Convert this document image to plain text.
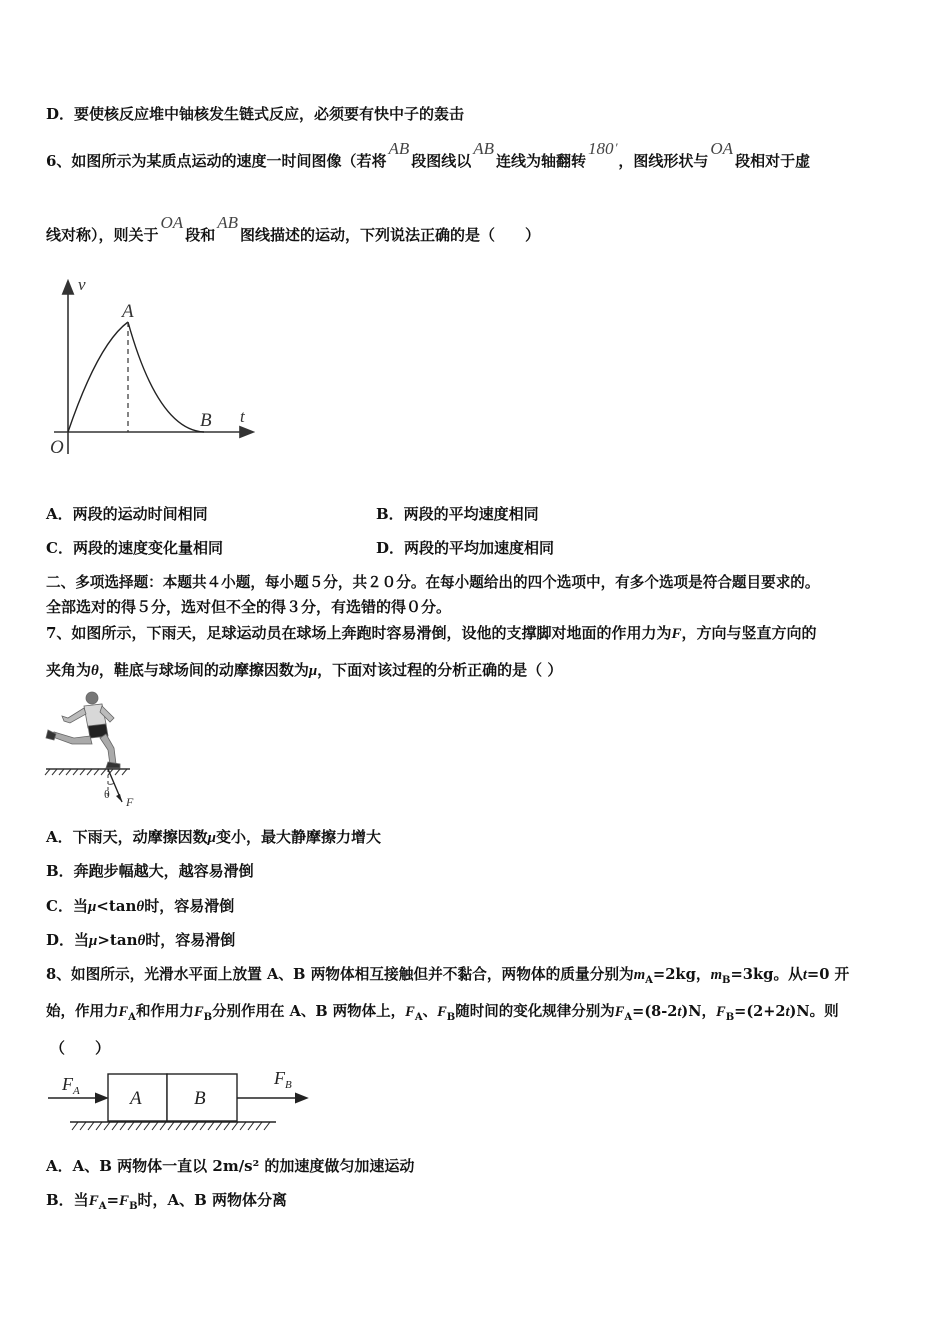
D．要使核反应堆中铀核发生链式反应，必须要有快中子的轰击
6、如图所示为某质点运动的速度一时间图像（若将AB段图线以AB连线为轴翻转180 ′，图线形状与OA段相对于虚
线对称），则关于OA段和AB图线描述的运动，下列说法正确的是（　　）
v
t
A
B
O
A．两段的运动时间相同	B．两段的平均速度相同
C．两段的速度变化量相同	D．两段的平均加速度相同
二、多项选择题：本题共４小题，每小题５分，共２０分。在每小题给出的四个选项中，有多个选项是符合题目要求的。
全部选对的得５分，选对但不全的得３分，有选错的得０分。
7、如图所示，下雨天，足球运动员在球场上奔跑时容易滑倒，设他的支撑脚对地面的作用力为F，方向与竖直方向的
夹角为θ，鞋底与球场间的动摩擦因数为μ，下面对该过程的分析正确的是（ ）
θ
F
A．下雨天，动摩擦因数μ变小，最大静摩擦力增大
B．奔跑步幅越大，越容易滑倒
C．当μ<tanθ时，容易滑倒
D．当μ>tanθ时，容易滑倒
8、如图所示，光滑水平面上放置 A、B 两物体相互接触但并不黏合，两物体的质量分别为$m_A=2kg$，$m_B=3kg$。从t=0 开
始，作用力$F_A$和作用力$F_B$分别作用在 A、B 两物体上，$F_A$、$F_B$随时间的变化规律分别为$F_A=(8-2t)N$，$F_B=(2+2t)N$。则
（　　）
A	B
$F_A$
$F_B$
A．A、B 两物体一直以 2m/s² 的加速度做匀加速运动
B．当$F_A=F_B$时，A、B 两物体分离
